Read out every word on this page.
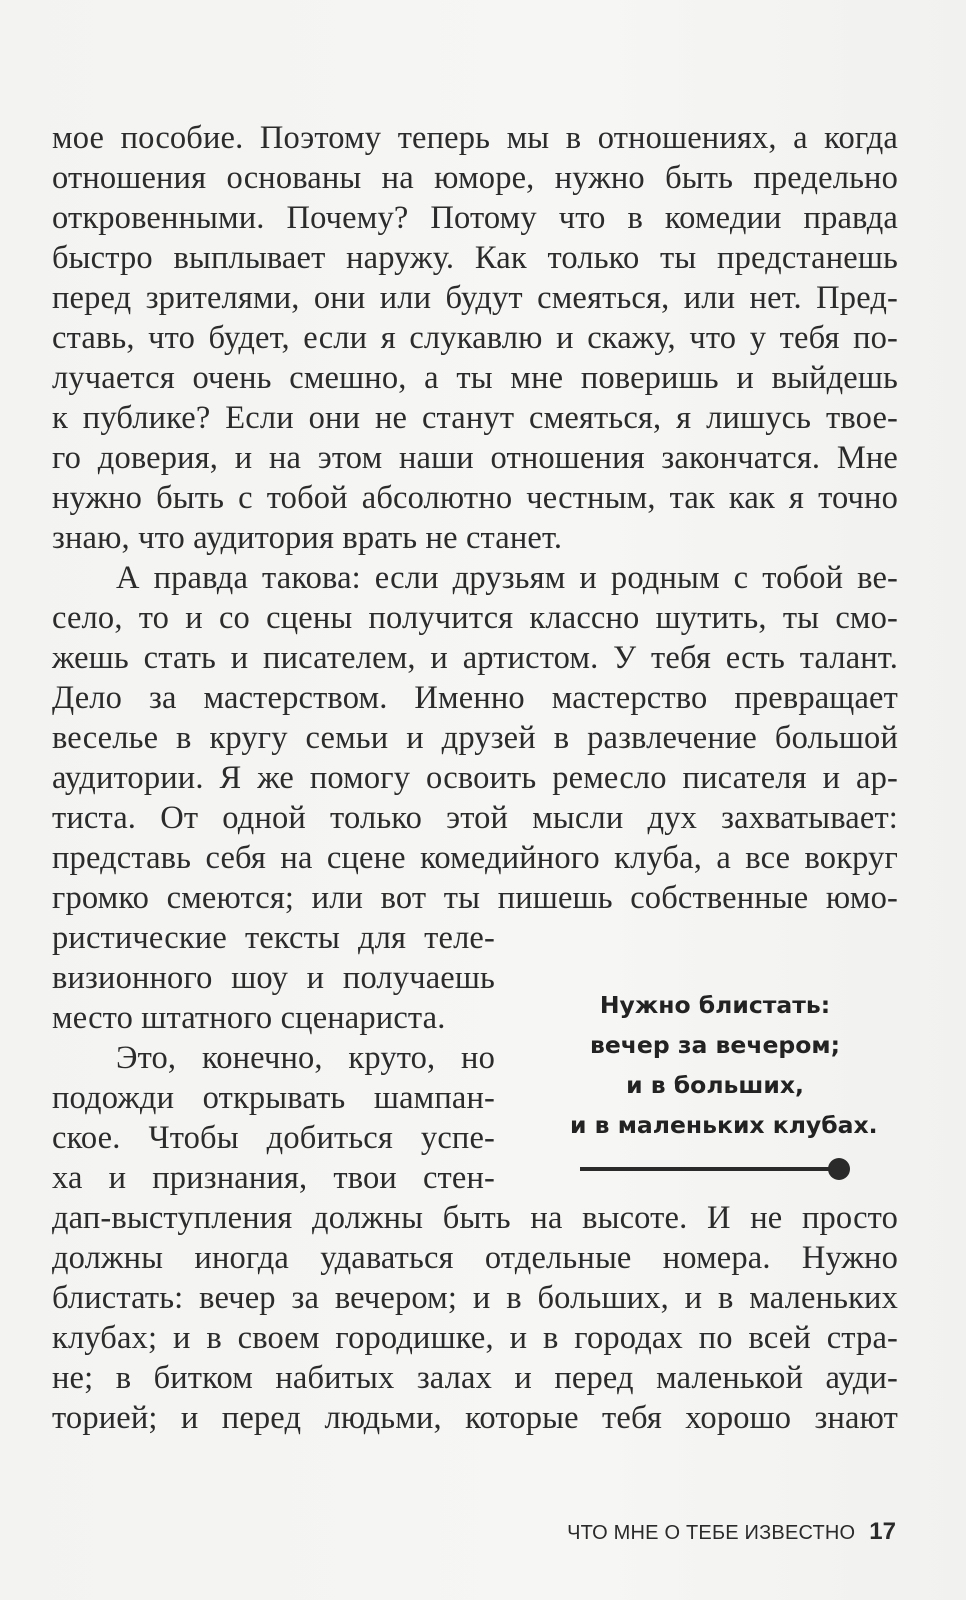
мое пособие. Поэтому теперь мы в отношениях, а когда
отношения основаны на юморе, нужно быть предельно
откровенными. Почему? Потому что в комедии правда
быстро выплывает наружу. Как только ты предстанешь
перед зрителями, они или будут смеяться, или нет. Пред-
ставь, что будет, если я слукавлю и скажу, что у тебя по-
лучается очень смешно, а ты мне поверишь и выйдешь
к публике? Если они не станут смеяться, я лишусь твое-
го доверия, и на этом наши отношения закончатся. Мне
нужно быть с тобой абсолютно честным, так как я точно
знаю, что аудитория врать не станет.
А правда такова: если друзьям и родным с тобой ве-
село, то и со сцены получится классно шутить, ты смо-
жешь стать и писателем, и артистом. У тебя есть талант.
Дело за мастерством. Именно мастерство превращает
веселье в кругу семьи и друзей в развлечение большой
аудитории. Я же помогу освоить ремесло писателя и ар-
тиста. От одной только этой мысли дух захватывает:
представь себя на сцене комедийного клуба, а все вокруг
громко смеются; или вот ты пишешь собственные юмо-
ристические тексты для теле-
визионного шоу и получаешь
место штатного сценариста.
Это, конечно, круто, но
подожди открывать шампан-
ское. Чтобы добиться успе-
ха и признания, твои стен-
дап-выступления должны быть на высоте. И не просто
должны иногда удаваться отдельные номера. Нужно
блистать: вечер за вечером; и в больших, и в маленьких
клубах; и в своем городишке, и в городах по всей стра-
не; в битком набитых залах и перед маленькой ауди-
торией; и перед людьми, которые тебя хорошо знают
Нужно блистать:
вечер за вечером;
и в больших,
и в маленьких клубах.
ЧТО МНЕ О ТЕБЕ ИЗВЕСТНО 17
